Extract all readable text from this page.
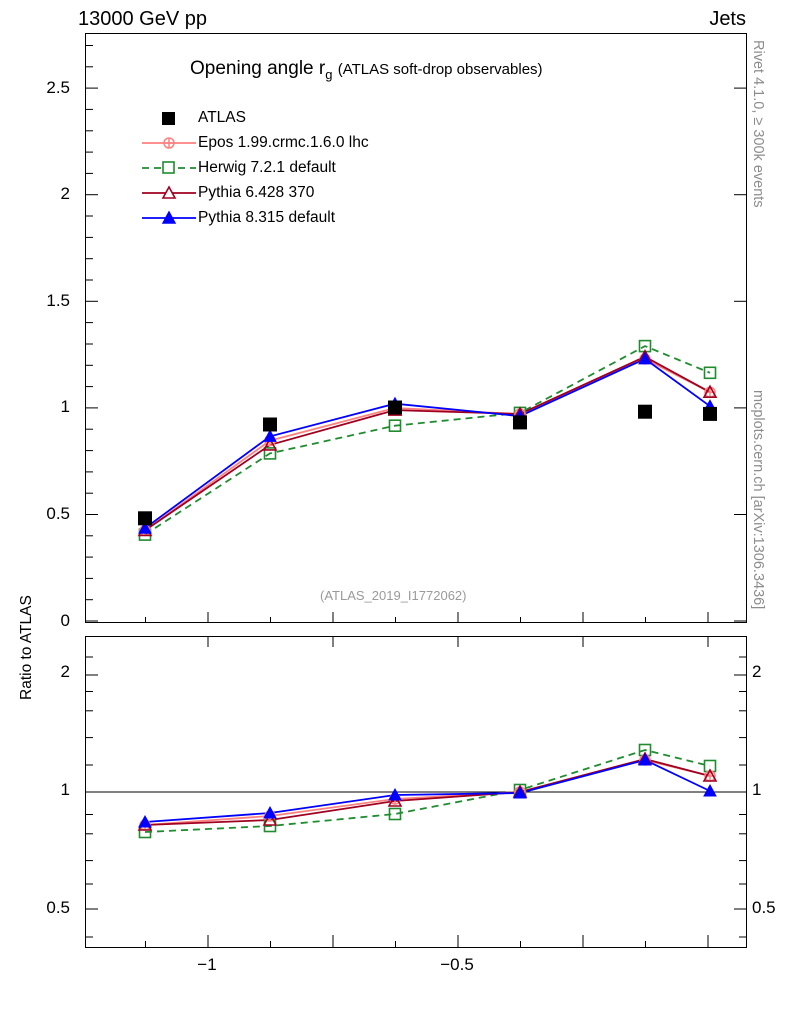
13000 GeV pp	Jets
Rivet 4.1.0, ≥ 300k events
mcplots.cern.ch [arXiv:1306.3436]
Opening angle $r_g$ (ATLAS soft-drop observables)
(ATLAS_2019_I1772062)
0
0.5
1
1.5
2
2.5
ATLAS
Epos 1.99.crmc.1.6.0 lhc
Herwig 7.2.1 default
Pythia 6.428 370
Pythia 8.315 default
0.5
1
2
0.5
1
2
Ratio to ATLAS
−1	−0.5
